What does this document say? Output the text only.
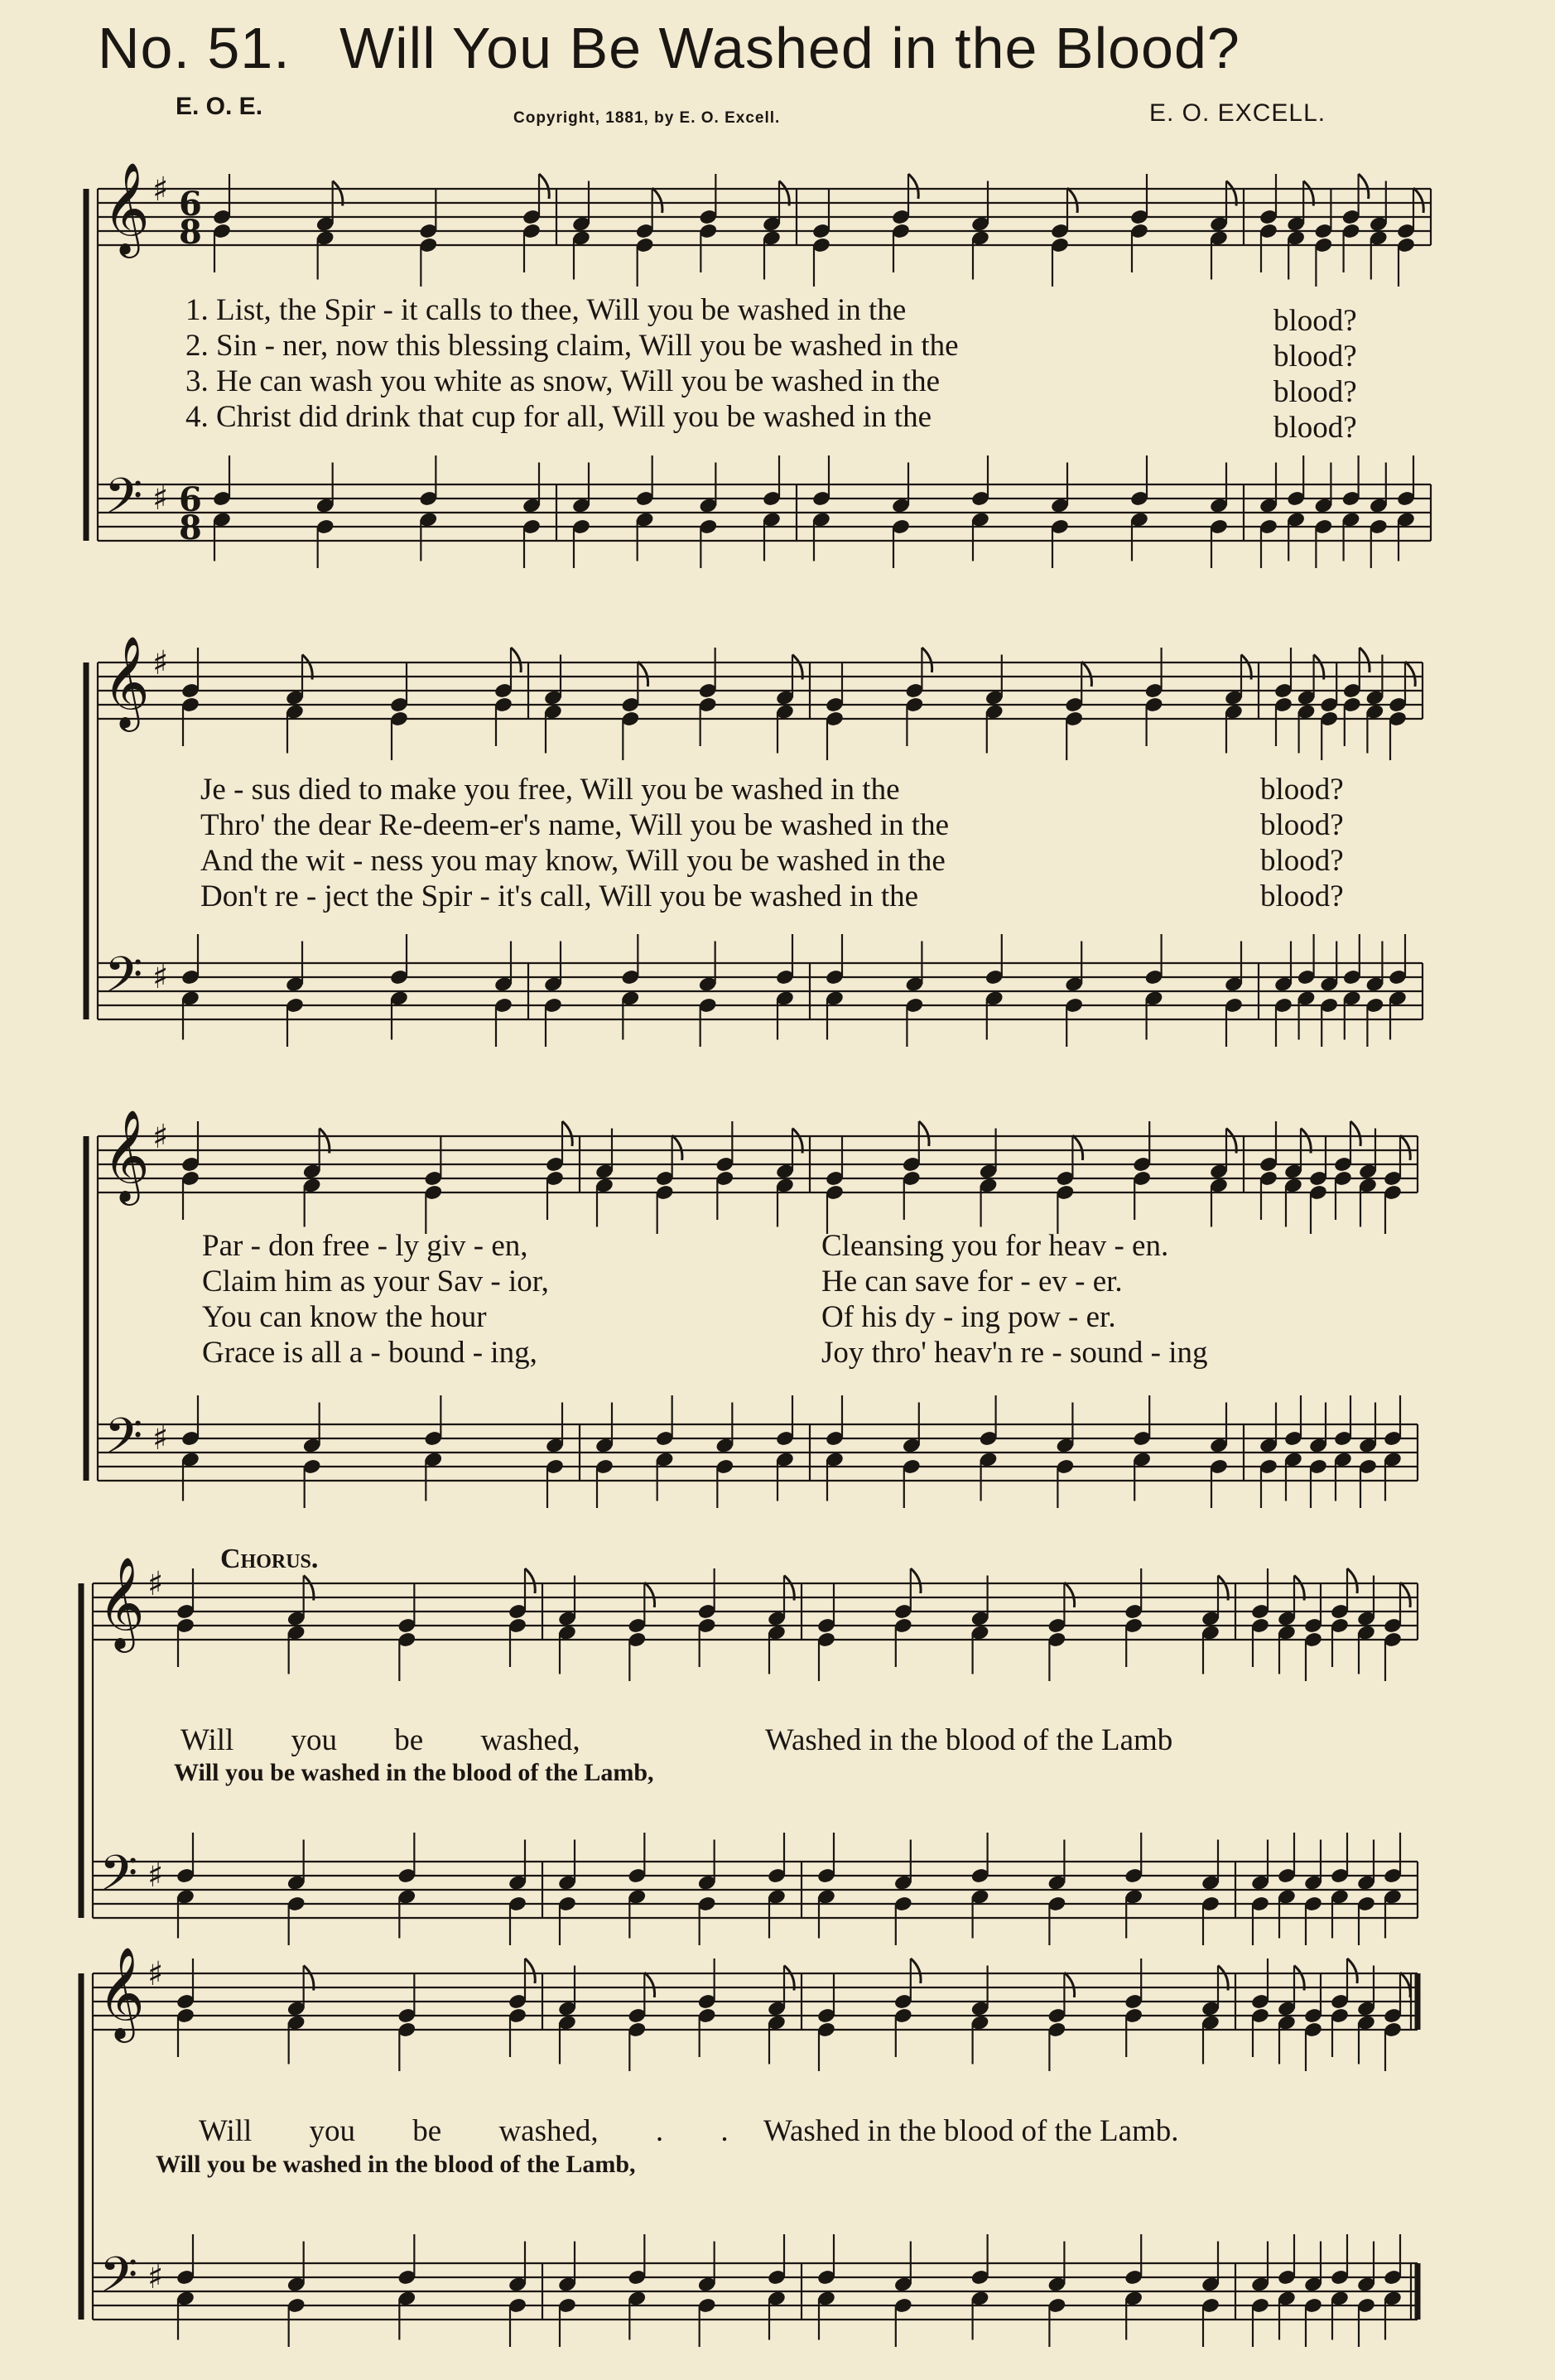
No. 51. Will You Be Washed in the Blood?
E. O. E.	Copyright, 1881, by E. O. Excell.	E. O. EXCELL.
𝄞
𝄢
♯
♯
6
8
6
8
𝄞
𝄢
♯
♯
𝄞
𝄢
♯
♯
𝄞
𝄢
♯
♯
𝄞
𝄢
♯
♯
1. List, the Spir - it calls to thee, Will you be washed in the
2. Sin - ner, now this blessing claim, Will you be washed in the
3. He can wash you white as snow, Will you be washed in the
4. Christ did drink that cup for all, Will you be washed in the
blood?
blood?
blood?
blood?
Je - sus died to make you free, Will you be washed in the
Thro' the dear Re-deem-er's name, Will you be washed in the
And the wit - ness you may know, Will you be washed in the
Don't re - ject the Spir - it's call, Will you be washed in the
blood?
blood?
blood?
blood?
Par - don free - ly giv - en,
Claim him as your Sav - ior,
You can know the hour
Grace is all a - bound - ing,
Cleansing you for heav - en.
He can save for - ev - er.
Of his dy - ing pow - er.
Joy thro' heav'n re - sound - ing
Chorus.
Will you be washed,	Washed in the blood of the Lamb
Will you be washed in the blood of the Lamb,
Will you be washed, . . Washed in the blood of the Lamb.
Will you be washed in the blood of the Lamb,
